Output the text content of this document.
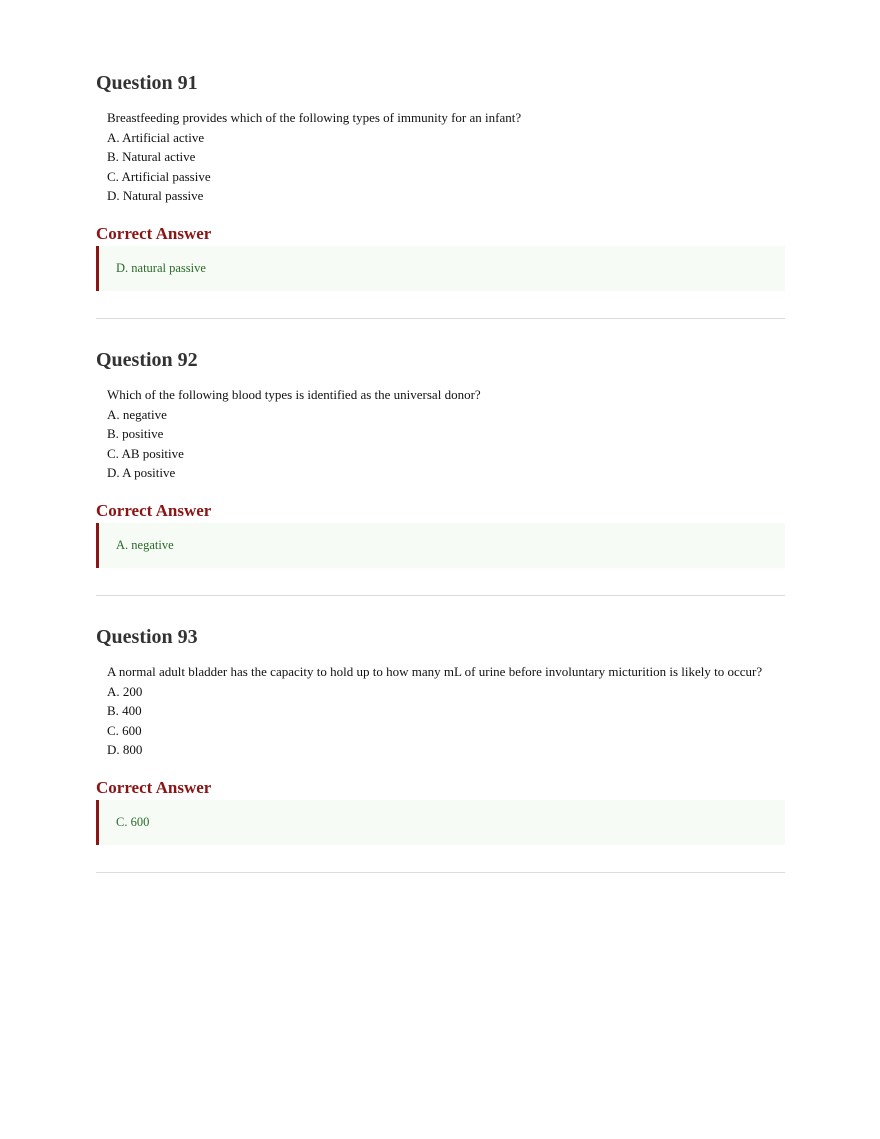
Question 91
Breastfeeding provides which of the following types of immunity for an infant?
A. Artificial active
B. Natural active
C. Artificial passive
D. Natural passive
Correct Answer
D. natural passive
Question 92
Which of the following blood types is identified as the universal donor?
A. negative
B. positive
C. AB positive
D. A positive
Correct Answer
A. negative
Question 93
A normal adult bladder has the capacity to hold up to how many mL of urine before involuntary micturition is likely to occur?
A. 200
B. 400
C. 600
D. 800
Correct Answer
C. 600
